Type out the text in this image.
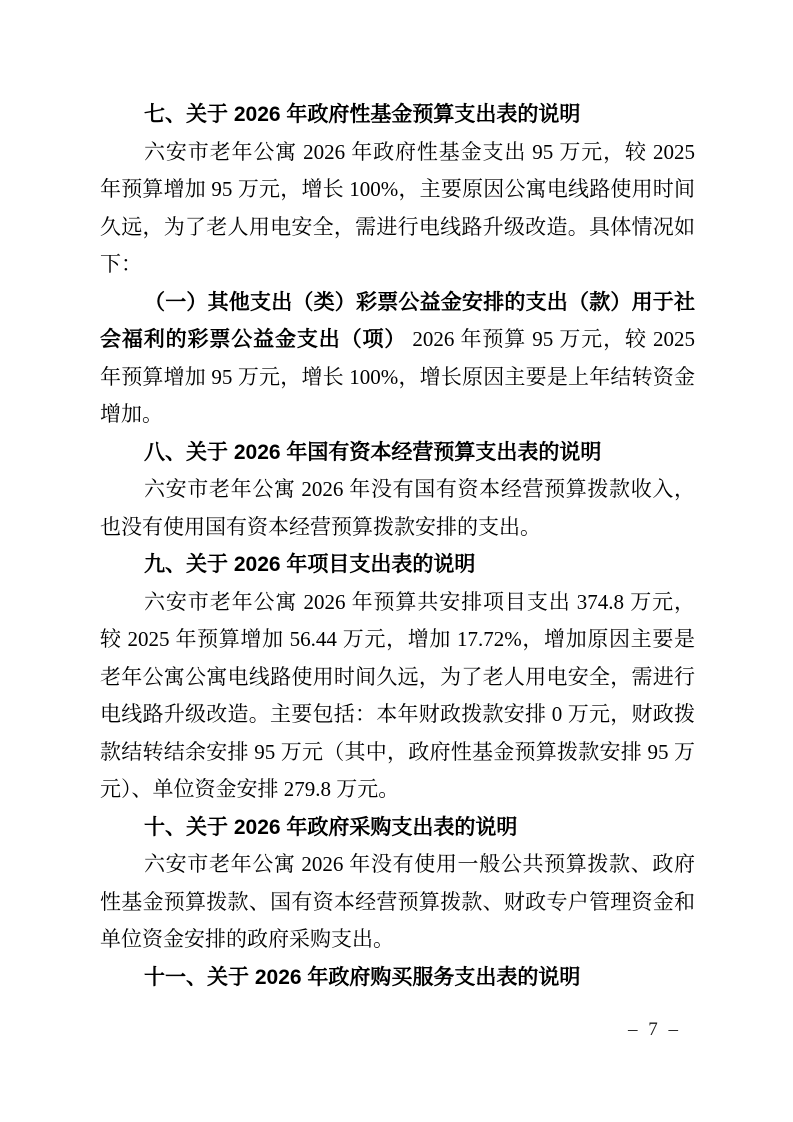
七、关于 2026 年政府性基金预算支出表的说明

六安市老年公寓 2026 年政府性基金支出 95 万元，较 2025 年预算增加 95 万元，增长 100%，主要原因公寓电线路使用时间久远，为了老人用电安全，需进行电线路升级改造。具体情况如下：

（一）其他支出（类）彩票公益金安排的支出（款）用于社会福利的彩票公益金支出（项） 2026 年预算 95 万元，较 2025 年预算增加 95 万元，增长 100%，增长原因主要是上年结转资金增加。

八、关于 2026 年国有资本经营预算支出表的说明

六安市老年公寓 2026 年没有国有资本经营预算拨款收入，也没有使用国有资本经营预算拨款安排的支出。

九、关于 2026 年项目支出表的说明

六安市老年公寓 2026 年预算共安排项目支出 374.8 万元，较 2025 年预算增加 56.44 万元，增加 17.72%，增加原因主要是老年公寓公寓电线路使用时间久远，为了老人用电安全，需进行电线路升级改造。主要包括：本年财政拨款安排 0 万元，财政拨款结转结余安排 95 万元（其中，政府性基金预算拨款安排 95 万元）、单位资金安排 279.8 万元。

十、关于 2026 年政府采购支出表的说明

六安市老年公寓 2026 年没有使用一般公共预算拨款、政府性基金预算拨款、国有资本经营预算拨款、财政专户管理资金和单位资金安排的政府采购支出。

十一、关于 2026 年政府购买服务支出表的说明
– 7 –
